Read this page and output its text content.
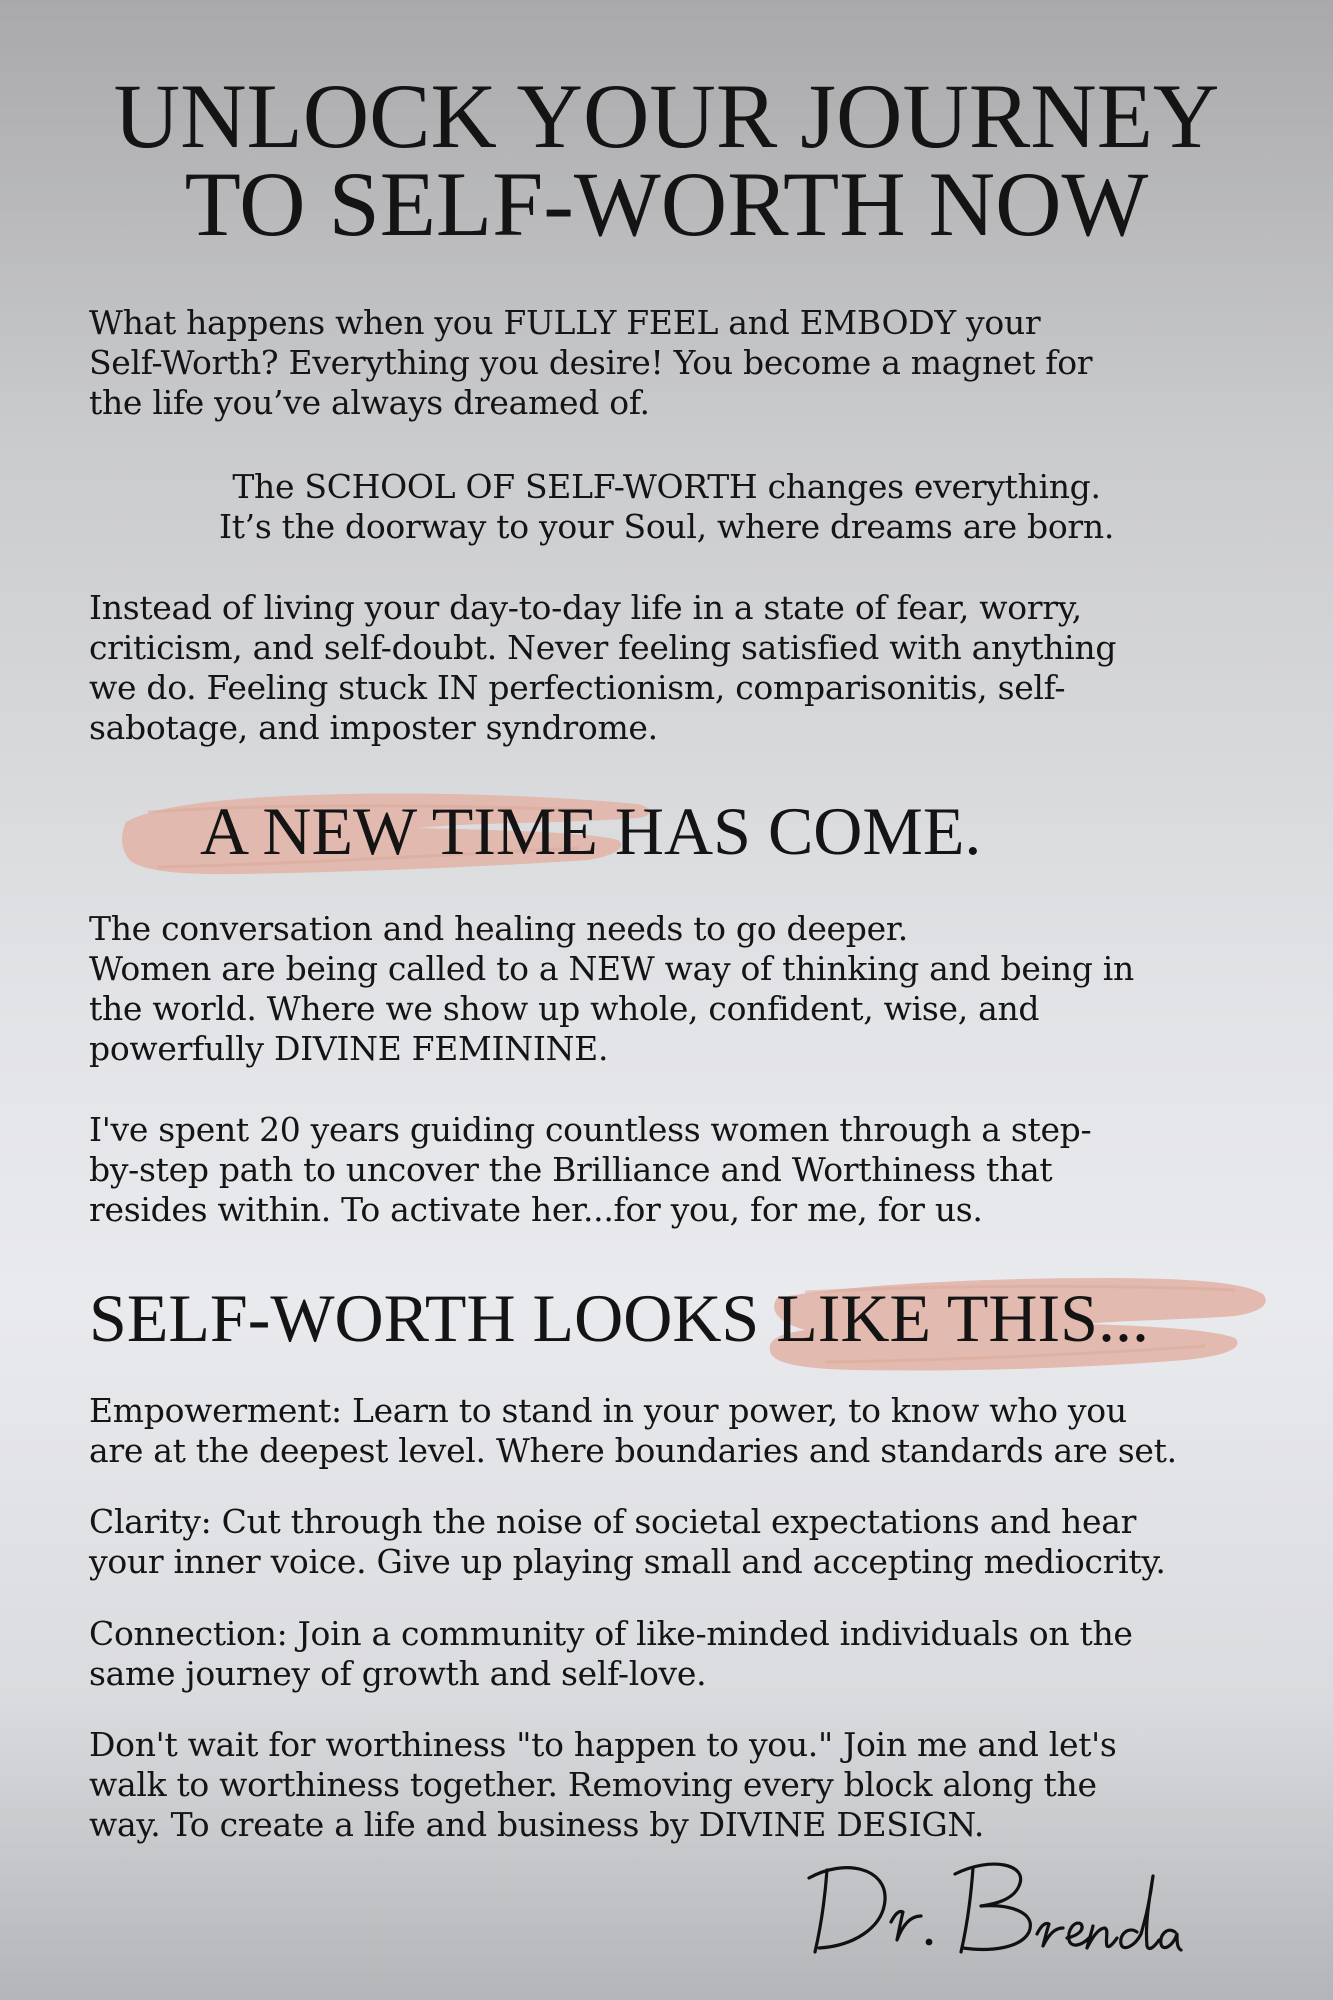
UNLOCK YOUR JOURNEY
TO SELF-WORTH NOW

What happens when you FULLY FEEL and EMBODY your
Self-Worth? Everything you desire! You become a magnet for
the life you’ve always dreamed of.

The SCHOOL OF SELF-WORTH changes everything.
It’s the doorway to your Soul, where dreams are born.

Instead of living your day-to-day life in a state of fear, worry,
criticism, and self-doubt. Never feeling satisfied with anything
we do. Feeling stuck IN perfectionism, comparisonitis, self-
sabotage, and imposter syndrome.

A NEW TIME HAS COME.

The conversation and healing needs to go deeper.
Women are being called to a NEW way of thinking and being in
the world. Where we show up whole, confident, wise, and
powerfully DIVINE FEMININE.

I've spent 20 years guiding countless women through a step-
by-step path to uncover the Brilliance and Worthiness that
resides within. To activate her...for you, for me, for us.

SELF-WORTH LOOKS LIKE THIS...

Empowerment: Learn to stand in your power, to know who you
are at the deepest level. Where boundaries and standards are set.

Clarity: Cut through the noise of societal expectations and hear
your inner voice. Give up playing small and accepting mediocrity.

Connection: Join a community of like-minded individuals on the
same journey of growth and self-love.

Don't wait for worthiness "to happen to you." Join me and let's
walk to worthiness together. Removing every block along the
way. To create a life and business by DIVINE DESIGN.
